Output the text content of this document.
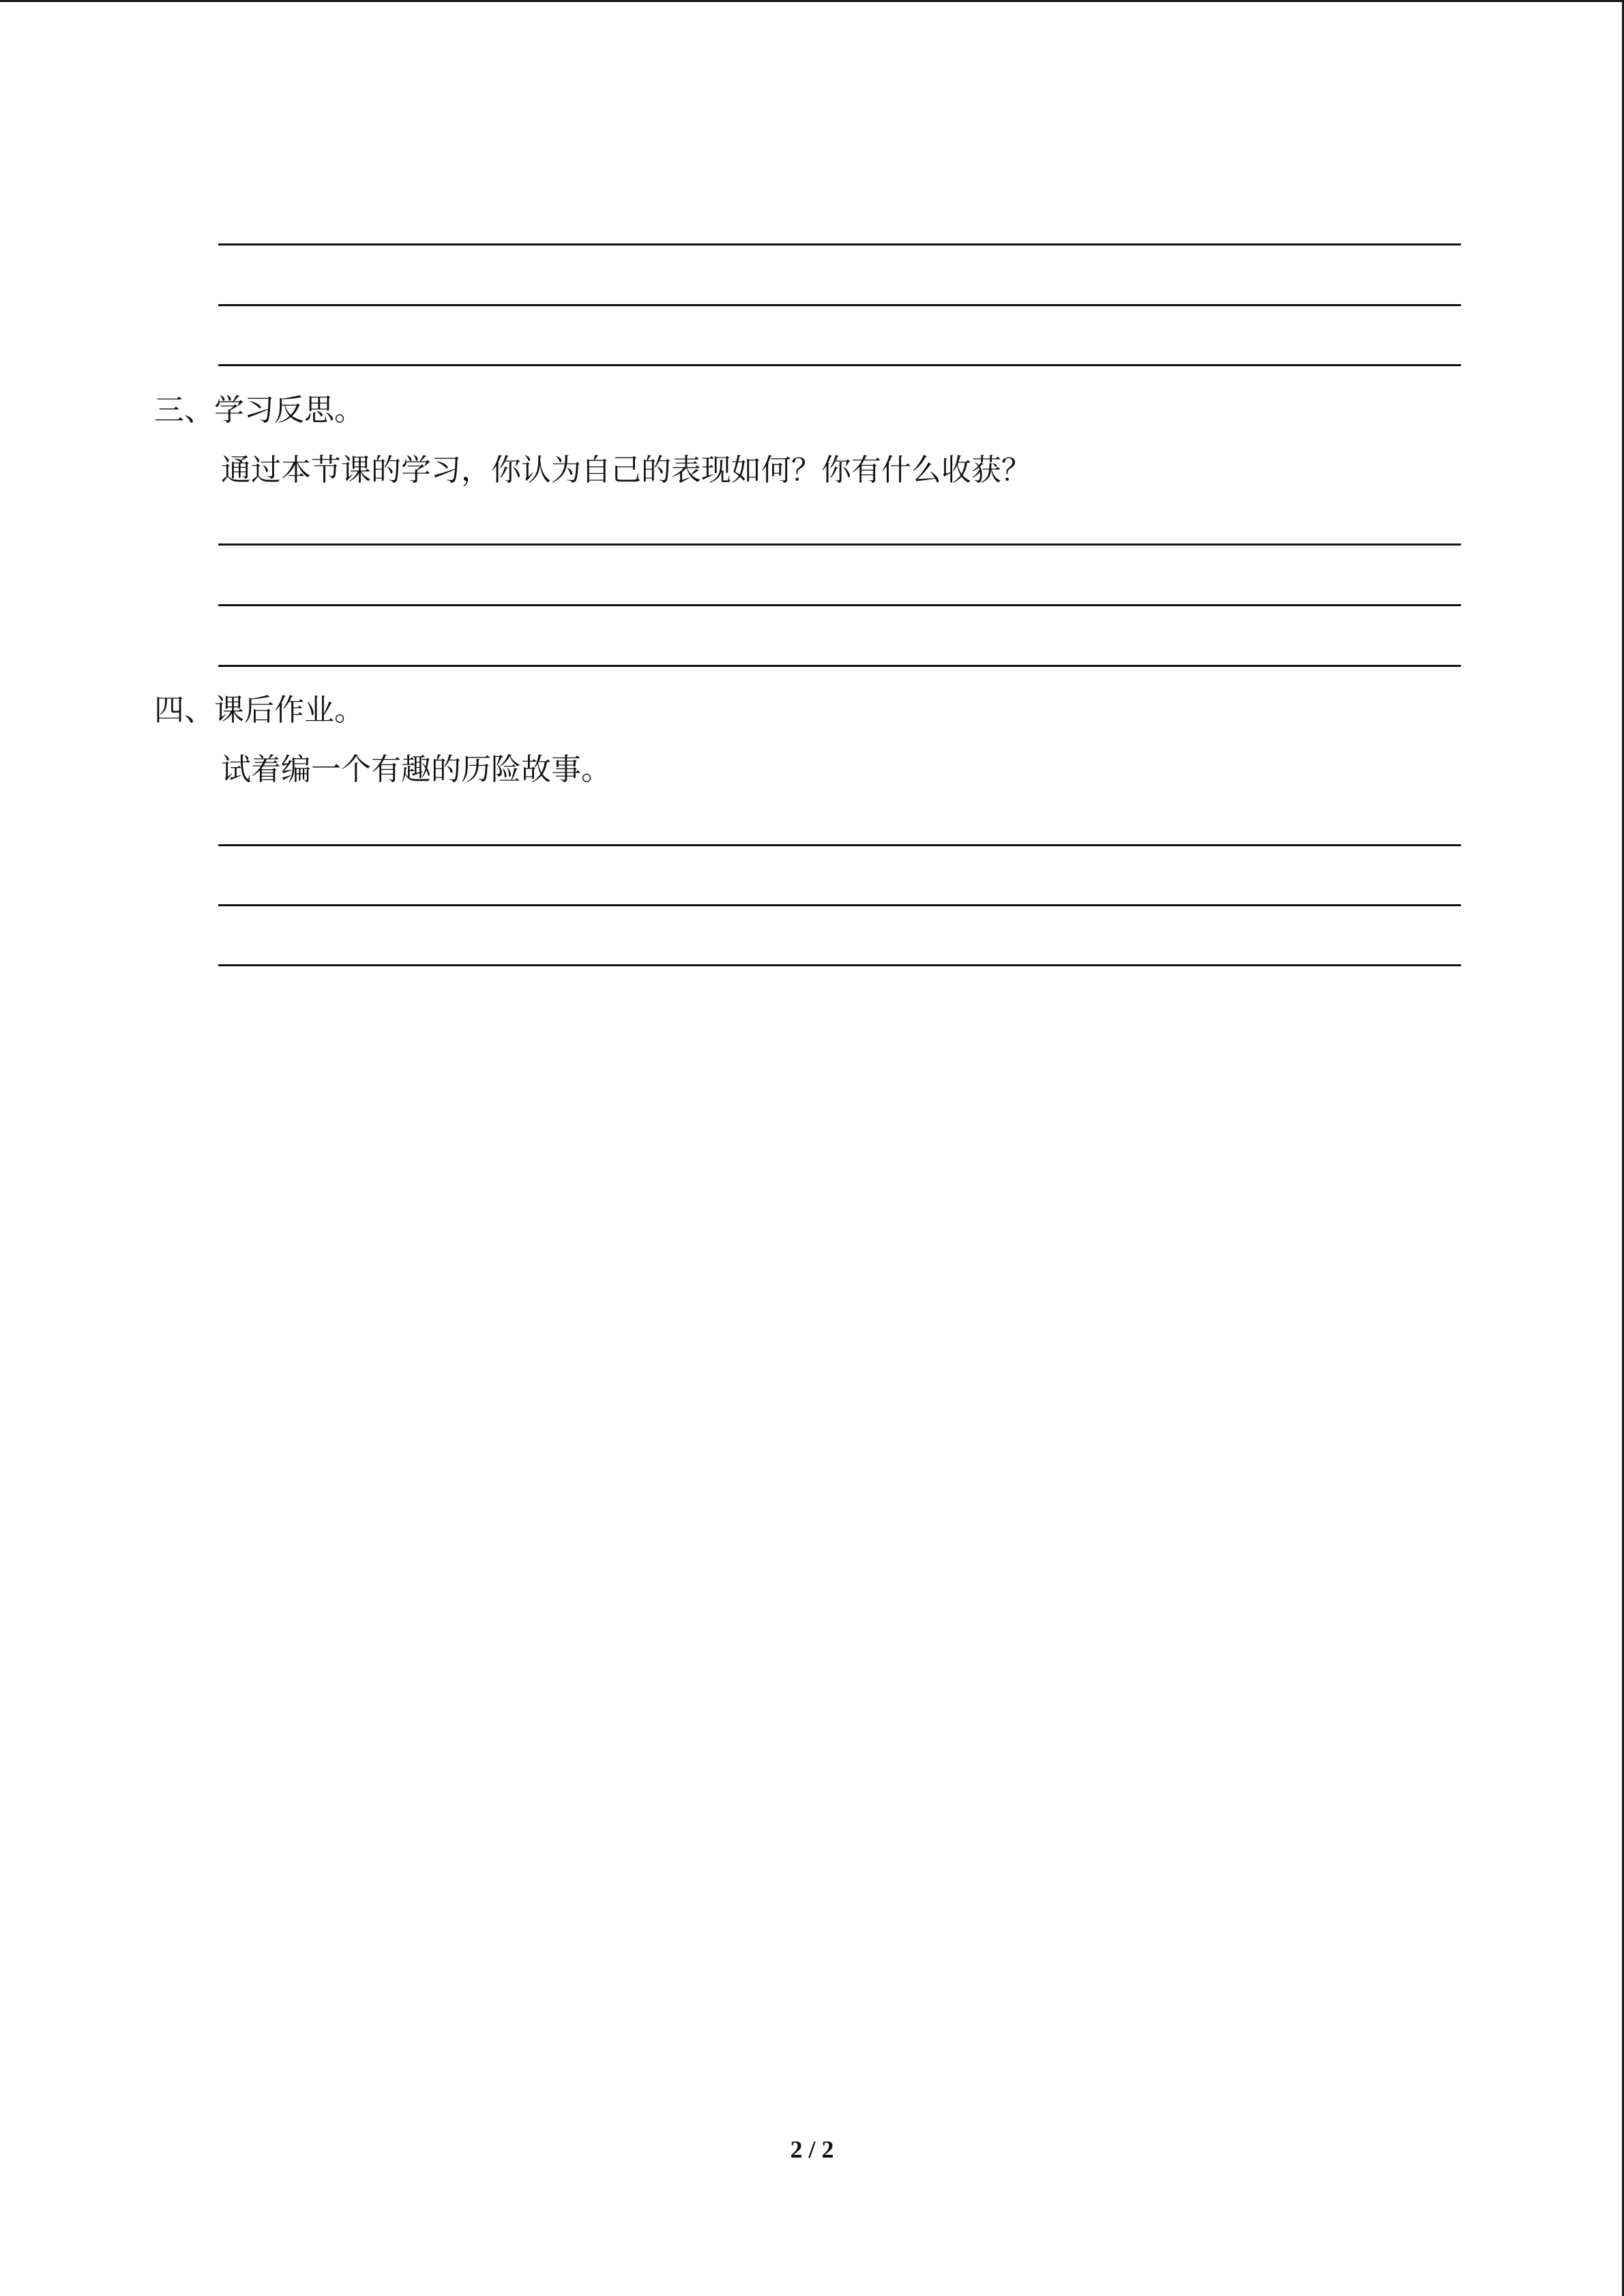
三、学习反思。
通过本节课的学习，你认为自己的表现如何？你有什么收获？
四、课后作业。
试着编一个有趣的历险故事。
2 / 2
